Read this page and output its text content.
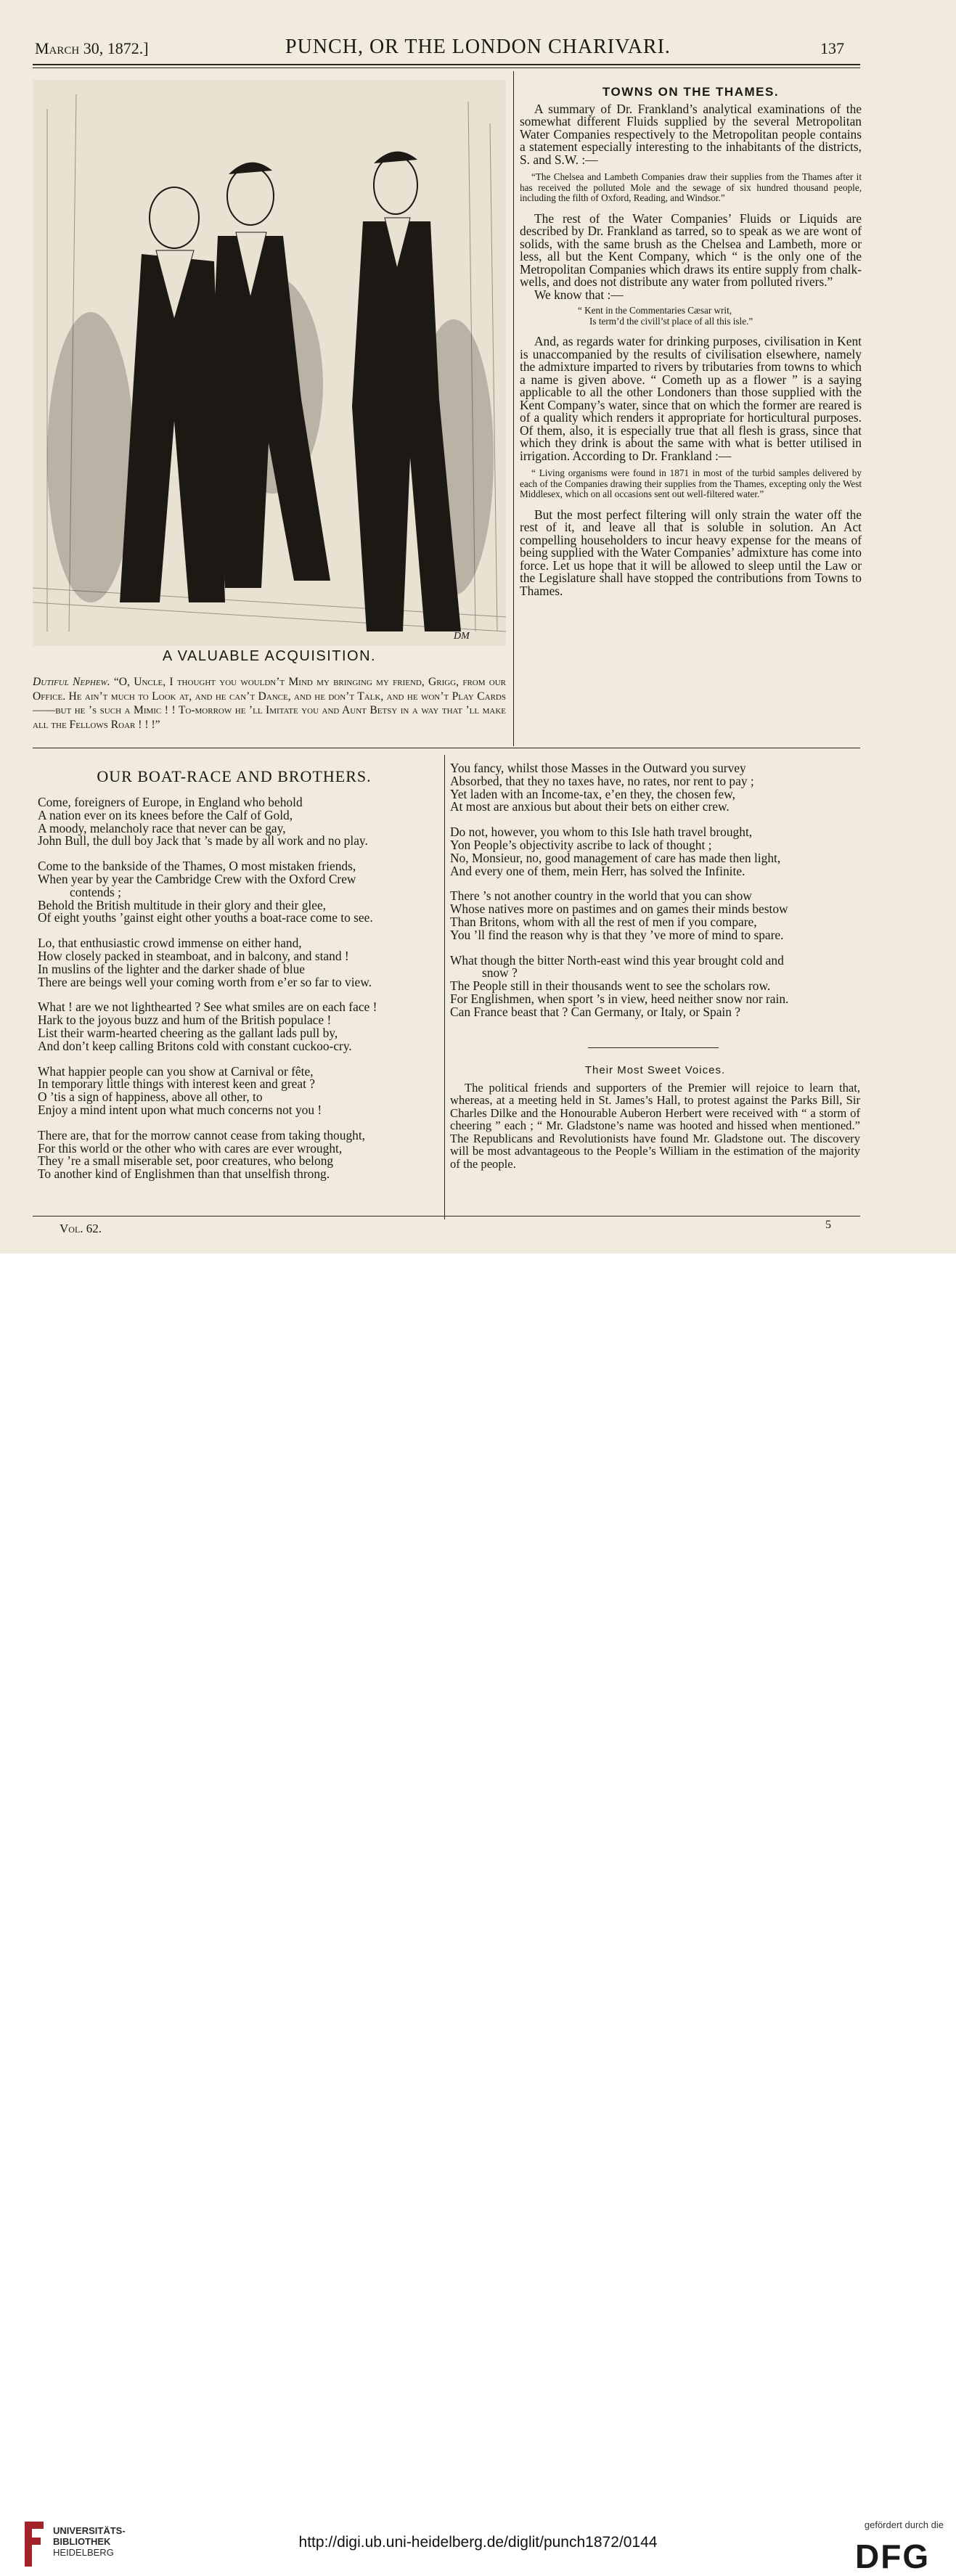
March 30, 1872.]	PUNCH, OR THE LONDON CHARIVARI.	137
DM
A VALUABLE ACQUISITION.
Dutiful Nephew. “O, Uncle, I thought you wouldn’t Mind my bringing my friend, Grigg, from our Office. He ain’t much to Look at, and he can’t Dance, and he don’t Talk, and he won’t Play Cards——but he ’s such a Mimic ! ! To-morrow he ’ll Imitate you and Aunt Betsy in a way that ’ll make all the Fellows Roar ! ! !”
TOWNS ON THE THAMES.

A summary of Dr. Frankland’s analytical examinations of the somewhat different Fluids supplied by the several Metropolitan Water Companies respectively to the Metropolitan people contains a statement especially interesting to the inhabitants of the districts, S. and S.W. :—

“The Chelsea and Lambeth Companies draw their supplies from the Thames after it has received the polluted Mole and the sewage of six hundred thousand people, including the filth of Oxford, Reading, and Windsor.”

The rest of the Water Companies’ Fluids or Liquids are described by Dr. Frankland as tarred, so to speak as we are wont of solids, with the same brush as the Chelsea and Lambeth, more or less, all but the Kent Company, which “ is the only one of the Metropolitan Companies which draws its entire supply from chalk-wells, and does not distribute any water from polluted rivers.”

We know that :—

“ Kent in the Commentaries Cæsar writ,
Is term’d the civill’st place of all this isle.”

And, as regards water for drinking purposes, civilisation in Kent is unaccompanied by the results of civilisation elsewhere, namely the admixture imparted to rivers by tributaries from towns to which a name is given above. “ Cometh up as a flower ” is a saying applicable to all the other Londoners than those supplied with the Kent Company’s water, since that on which the former are reared is of a quality which renders it appropriate for horticultural purposes. Of them, also, it is especially true that all flesh is grass, since that which they drink is about the same with what is better utilised in irrigation. According to Dr. Frankland :—

“ Living organisms were found in 1871 in most of the turbid samples delivered by each of the Companies drawing their supplies from the Thames, excepting only the West Middlesex, which on all occasions sent out well-filtered water.”

But the most perfect filtering will only strain the water off the rest of it, and leave all that is soluble in solution. An Act compelling householders to incur heavy expense for the means of being supplied with the Water Companies’ admixture has come into force. Let us hope that it will be allowed to sleep until the Law or the Legislature shall have stopped the contributions from Towns to Thames.

OUR BOAT-RACE AND BROTHERS.
Come, foreigners of Europe, in England who behold
A nation ever on its knees before the Calf of Gold,
A moody, melancholy race that never can be gay,
John Bull, the dull boy Jack that ’s made by all work and no play.
Come to the bankside of the Thames, O most mistaken friends,
When year by year the Cambridge Crew with the Oxford Crew
contends ;
Behold the British multitude in their glory and their glee,
Of eight youths ’gainst eight other youths a boat-race come to see.
Lo, that enthusiastic crowd immense on either hand,
How closely packed in steamboat, and in balcony, and stand !
In muslins of the lighter and the darker shade of blue
There are beings well your coming worth from e’er so far to view.
What ! are we not lighthearted ? See what smiles are on each face !
Hark to the joyous buzz and hum of the British populace !
List their warm-hearted cheering as the gallant lads pull by,
And don’t keep calling Britons cold with constant cuckoo-cry.
What happier people can you show at Carnival or fête,
In temporary little things with interest keen and great ?
O ’tis a sign of happiness, above all other, to
Enjoy a mind intent upon what much concerns not you !
There are, that for the morrow cannot cease from taking thought,
For this world or the other who with cares are ever wrought,
They ’re a small miserable set, poor creatures, who belong
To another kind of Englishmen than that unselfish throng.
You fancy, whilst those Masses in the Outward you survey
Absorbed, that they no taxes have, no rates, nor rent to pay ;
Yet laden with an Income-tax, e’en they, the chosen few,
At most are anxious but about their bets on either crew.
Do not, however, you whom to this Isle hath travel brought,
Yon People’s objectivity ascribe to lack of thought ;
No, Monsieur, no, good management of care has made then light,
And every one of them, mein Herr, has solved the Infinite.
There ’s not another country in the world that you can show
Whose natives more on pastimes and on games their minds bestow
Than Britons, whom with all the rest of men if you compare,
You ’ll find the reason why is that they ’ve more of mind to spare.
What though the bitter North-east wind this year brought cold and
snow ?
The People still in their thousands went to see the scholars row.
For Englishmen, when sport ’s in view, heed neither snow nor rain.
Can France beast that ? Can Germany, or Italy, or Spain ?
Their Most Sweet Voices.

The political friends and supporters of the Premier will rejoice to learn that, whereas, at a meeting held in St. James’s Hall, to protest against the Parks Bill, Sir Charles Dilke and the Honourable Auberon Herbert were received with “ a storm of cheering ” each ; “ Mr. Gladstone’s name was hooted and hissed when mentioned.” The Republicans and Revolutionists have found Mr. Gladstone out. The discovery will be most advantageous to the People’s William in the estimation of the majority of the people.

Vol. 62.	5
UNIVERSITÄTS-
BIBLIOTHEK
HEIDELBERG
http://digi.ub.uni-heidelberg.de/diglit/punch1872/0144
gefördert durch die
DFG
